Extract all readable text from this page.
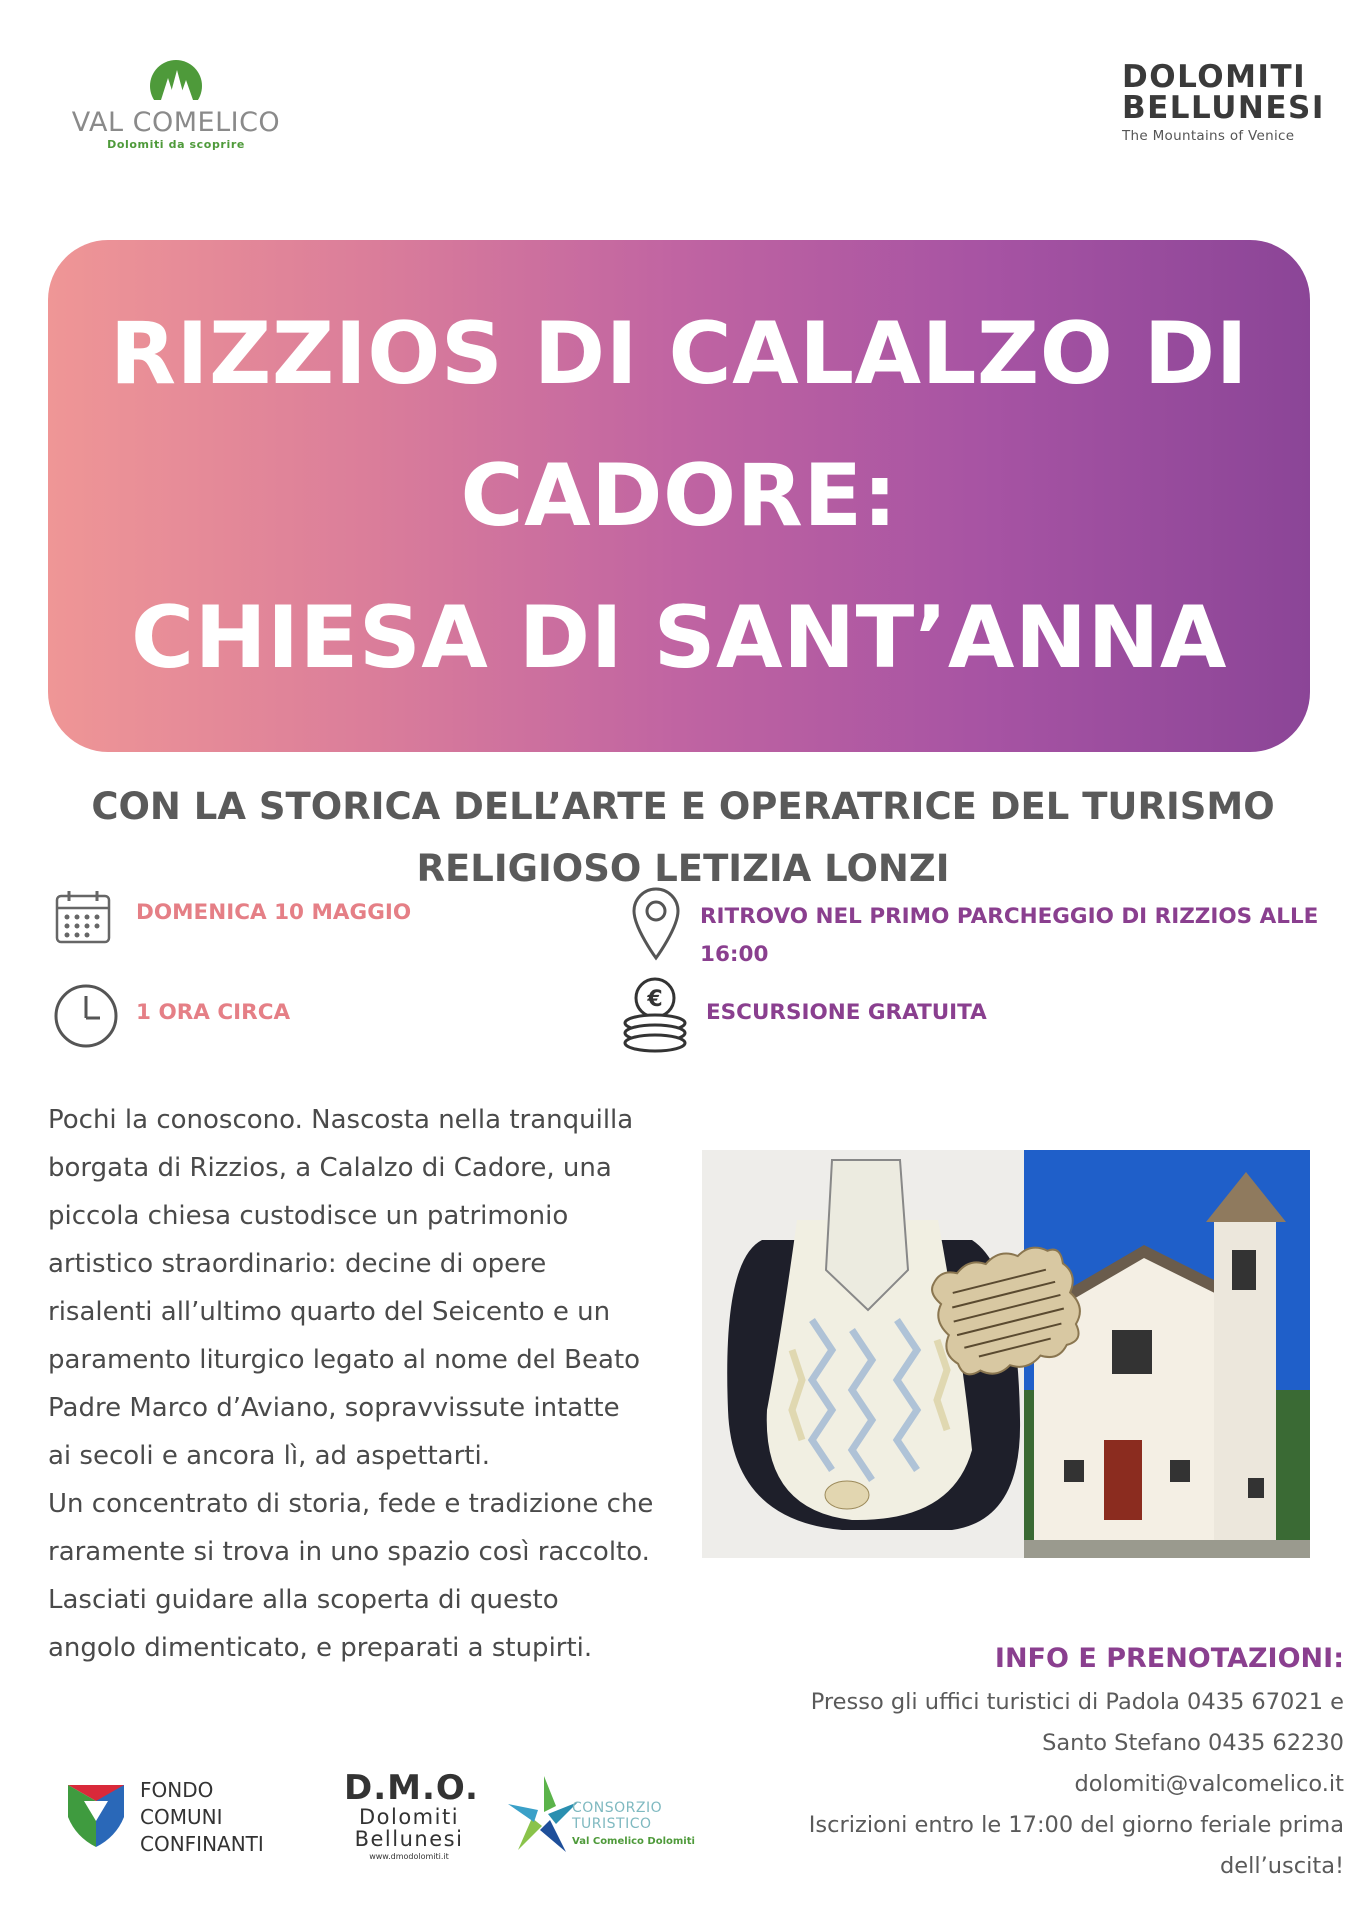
VAL COMELICO
Dolomiti da scoprire
DOLOMITI
BELLUNESI
The Mountains of Venice
RIZZIOS DI CALALZO DI
CADORE:
CHIESA DI SANT’ANNA
CON LA STORICA DELL’ARTE E OPERATRICE DEL TURISMO
RELIGIOSO LETIZIA LONZI
DOMENICA 10 MAGGIO	RITROVO NEL PRIMO PARCHEGGIO DI RIZZIOS ALLE
16:00
1 ORA CIRCA
€
ESCURSIONE GRATUITA

Pochi la conoscono. Nascosta nella tranquilla

borgata di Rizzios, a Calalzo di Cadore, una

piccola chiesa custodisce un patrimonio

artistico straordinario: decine di opere

risalenti all’ultimo quarto del Seicento e un

paramento liturgico legato al nome del Beato

Padre Marco d’Aviano, sopravvissute intatte

ai secoli e ancora lì, ad aspettarti.

Un concentrato di storia, fede e tradizione che

raramente si trova in uno spazio così raccolto.

Lasciati guidare alla scoperta di questo

angolo dimenticato, e preparati a stupirti.	INFO E PRENOTAZIONI:
Presso gli uffici turistici di Padola 0435 67021 e
Santo Stefano 0435 62230
dolomiti@valcomelico.it
Iscrizioni entro le 17:00 del giorno feriale prima
dell’uscita!
FONDO
COMUNI
CONFINANTI
D.M.O.
Dolomiti
Bellunesi
www.dmodolomiti.it
CONSORZIO
TURISTICO
Val Comelico Dolomiti
